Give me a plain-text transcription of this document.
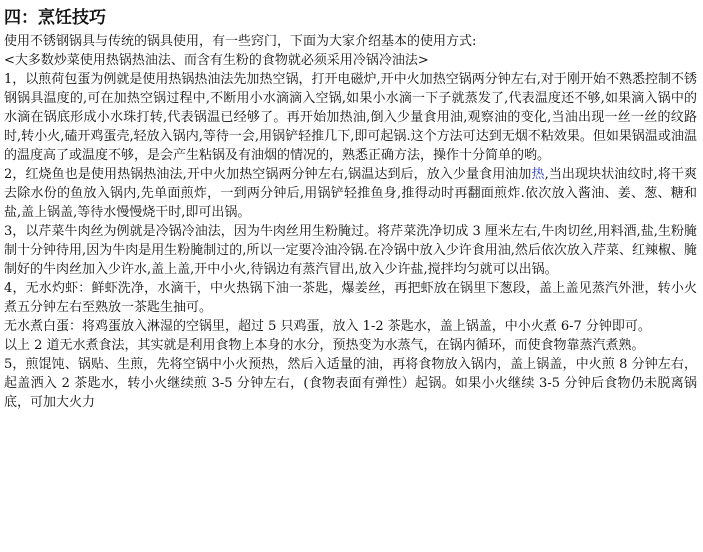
四：烹饪技巧

使用不锈钢锅具与传统的锅具使用，有一些窍门，下面为大家介绍基本的使用方式:

<大多数炒菜使用热锅热油法、而含有生粉的食物就必须采用冷锅冷油法>

1，以煎荷包蛋为例就是使用热锅热油法先加热空锅，打开电磁炉,开中火加热空锅两分钟左右,对于刚开始不熟悉控制不锈钢锅具温度的,可在加热空锅过程中,不断用小水滴滴入空锅,如果小水滴一下子就蒸发了,代表温度还不够,如果滴入锅中的水滴在锅底形成小水珠打转,代表锅温已经够了。再开始加热油,倒入少量食用油,观察油的变化,当油出现一丝一丝的纹路时,转小火,磕开鸡蛋壳,轻放入锅内,等待一会,用锅铲轻推几下,即可起锅.这个方法可达到无烟不粘效果。但如果锅温或油温的温度高了或温度不够，是会产生粘锅及有油烟的情况的，熟悉正确方法，操作十分简单的哟。

2，红烧鱼也是使用热锅热油法,开中火加热空锅两分钟左右,锅温达到后，放入少量食用油加热,当出现块状油纹时,将干爽去除水份的鱼放入锅内,先单面煎炸，一到两分钟后,用锅铲轻推鱼身,推得动时再翻面煎炸.依次放入酱油、姜、葱、糖和盐,盖上锅盖,等待水慢慢烧干时,即可出锅。

3，以芹菜牛肉丝为例就是冷锅冷油法，因为牛肉丝用生粉腌过。将芹菜洗净切成 3 厘米左右,牛肉切丝,用料酒,盐,生粉腌制十分钟待用,因为牛肉是用生粉腌制过的,所以一定要冷油冷锅.在冷锅中放入少许食用油,然后依次放入芹菜、红辣椒、腌制好的牛肉丝加入少许水,盖上盖,开中小火,待锅边有蒸汽冒出,放入少许盐,搅拌均匀就可以出锅。

4，无水灼虾：鲜虾洗净，水滴干，中火热锅下油一茶匙，爆姜丝，再把虾放在锅里下葱段，盖上盖见蒸汽外泄，转小火煮五分钟左右至熟放一茶匙生抽可。

无水煮白蛋：将鸡蛋放入淋湿的空锅里，超过 5 只鸡蛋，放入 1-2 茶匙水，盖上锅盖，中小火煮 6-7 分钟即可。

以上 2 道无水煮食法，其实就是利用食物上本身的水分，预热变为水蒸气，在锅内循环，而使食物靠蒸汽煮熟。

5，煎馄饨、锅贴、生煎，先将空锅中小火预热，然后入适量的油，再将食物放入锅内，盖上锅盖，中火煎 8 分钟左右，起盖洒入 2 茶匙水，转小火继续煎 3-5 分钟左右，(食物表面有弹性）起锅。如果小火继续 3-5 分钟后食物仍未脱离锅底，可加大火力
